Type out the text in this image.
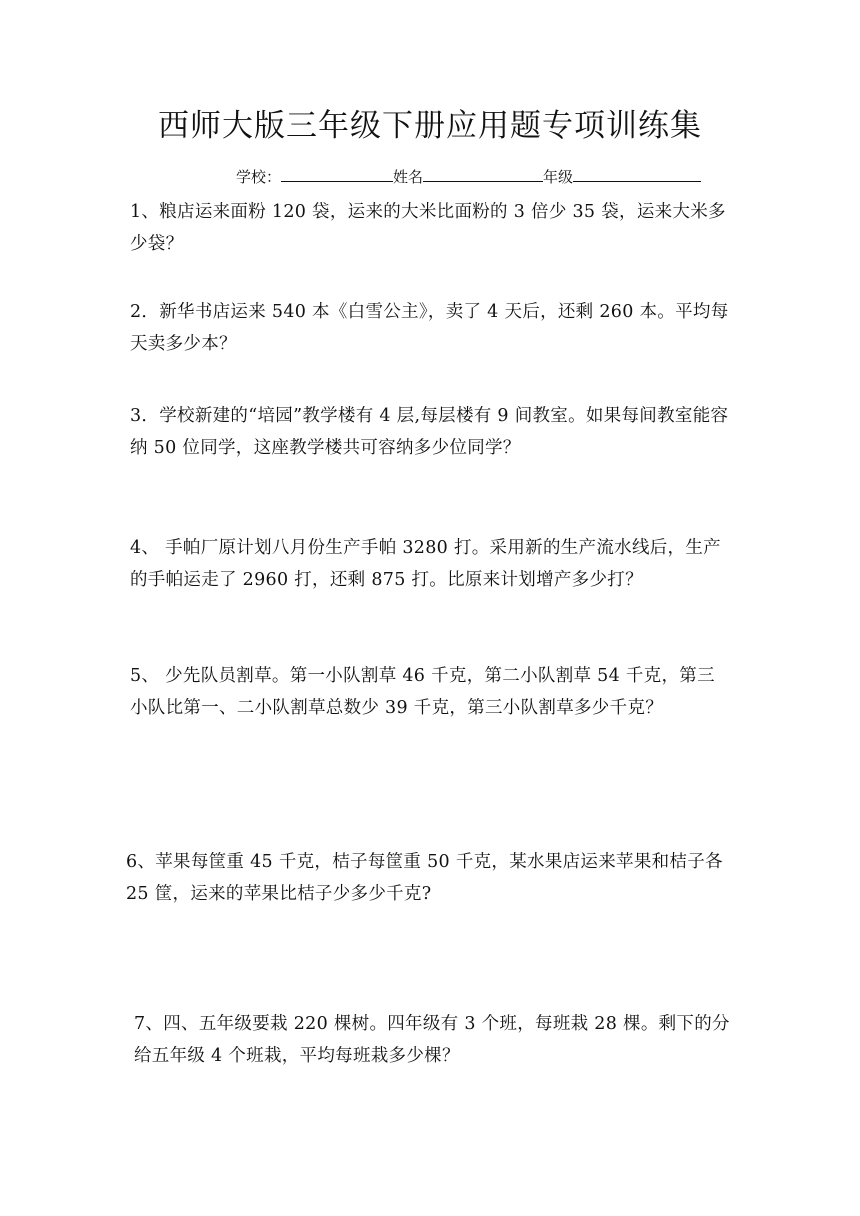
西师大版三年级下册应用题专项训练集
学校：	姓名	年级
1、粮店运来面粉 120 袋，运来的大米比面粉的 3 倍少 35 袋，运来大米多少袋？
2．新华书店运来 540 本《白雪公主》，卖了 4 天后，还剩 260 本。平均每天卖多少本？
3．学校新建的“培园”教学楼有 4 层,每层楼有 9 间教室。如果每间教室能容纳 50 位同学，这座教学楼共可容纳多少位同学？
4、 手帕厂原计划八月份生产手帕 3280 打。采用新的生产流水线后，生产的手帕运走了 2960 打，还剩 875 打。比原来计划增产多少打？
5、 少先队员割草。第一小队割草 46 千克，第二小队割草 54 千克，第三小队比第一、二小队割草总数少 39 千克，第三小队割草多少千克？
6、苹果每筐重 45 千克，桔子每筐重 50 千克，某水果店运来苹果和桔子各 25 筐，运来的苹果比桔子少多少千克?
7、四、五年级要栽 220 棵树。四年级有 3 个班，每班栽 28 棵。剩下的分给五年级 4 个班栽，平均每班栽多少棵？
